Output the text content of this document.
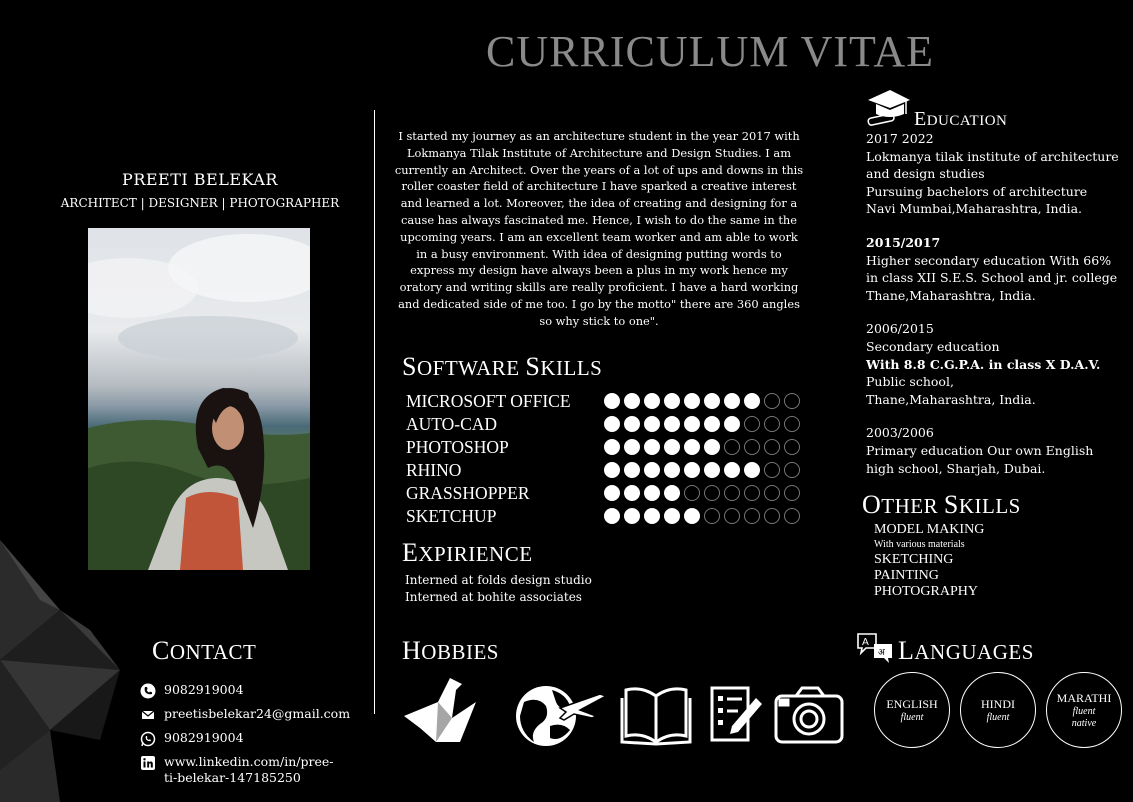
CURRICULUM VITAE
PREETI BELEKAR
ARCHITECT | DESIGNER | PHOTOGRAPHER
I started my journey as an architecture student in the year 2017 with Lokmanya Tilak Institute of Architecture and Design Studies. I am currently an Architect. Over the years of a lot of ups and downs in this roller coaster field of architecture I have sparked a creative interest and learned a lot. Moreover, the idea of creating and designing for a cause has always fascinated me. Hence, I wish to do the same in the upcoming years. I am an excellent team worker and am able to work in a busy environment. With idea of designing putting words to express my design have always been a plus in my work hence my oratory and writing skills are really proficient. I have a hard working and dedicated side of me too. I go by the motto" there are 360 angles so why stick to one".
SOFTWARE SKILLS
MICROSOFT OFFICE
AUTO-CAD
PHOTOSHOP
RHINO
GRASSHOPPER
SKETCHUP
EXPIRIENCE
Interned at folds design studio
Interned at bohite associates
HOBBIES
CONTACT
9082919004
preetisbelekar24@gmail.com
9082919004
www.linkedin.com/in/pree-
ti-belekar-147185250
EDUCATION
2017 2022
Lokmanya tilak institute of architecture
and design studies
Pursuing bachelors of architecture
Navi Mumbai,Maharashtra, India.
2015/2017
Higher secondary education With 66%
in class XII S.E.S. School and jr. college
Thane,Maharashtra, India.
2006/2015
Secondary education
With 8.8 C.G.P.A. in class X D.A.V.
Public school,
Thane,Maharashtra, India.
2003/2006
Primary education Our own English
high school, Sharjah, Dubai.
OTHER SKILLS
MODEL MAKING
With various materials
SKETCHING
PAINTING
PHOTOGRAPHY
A
अ LANGUAGES
ENGLISH
fluent
HINDI
fluent
MARATHI
fluent
native
